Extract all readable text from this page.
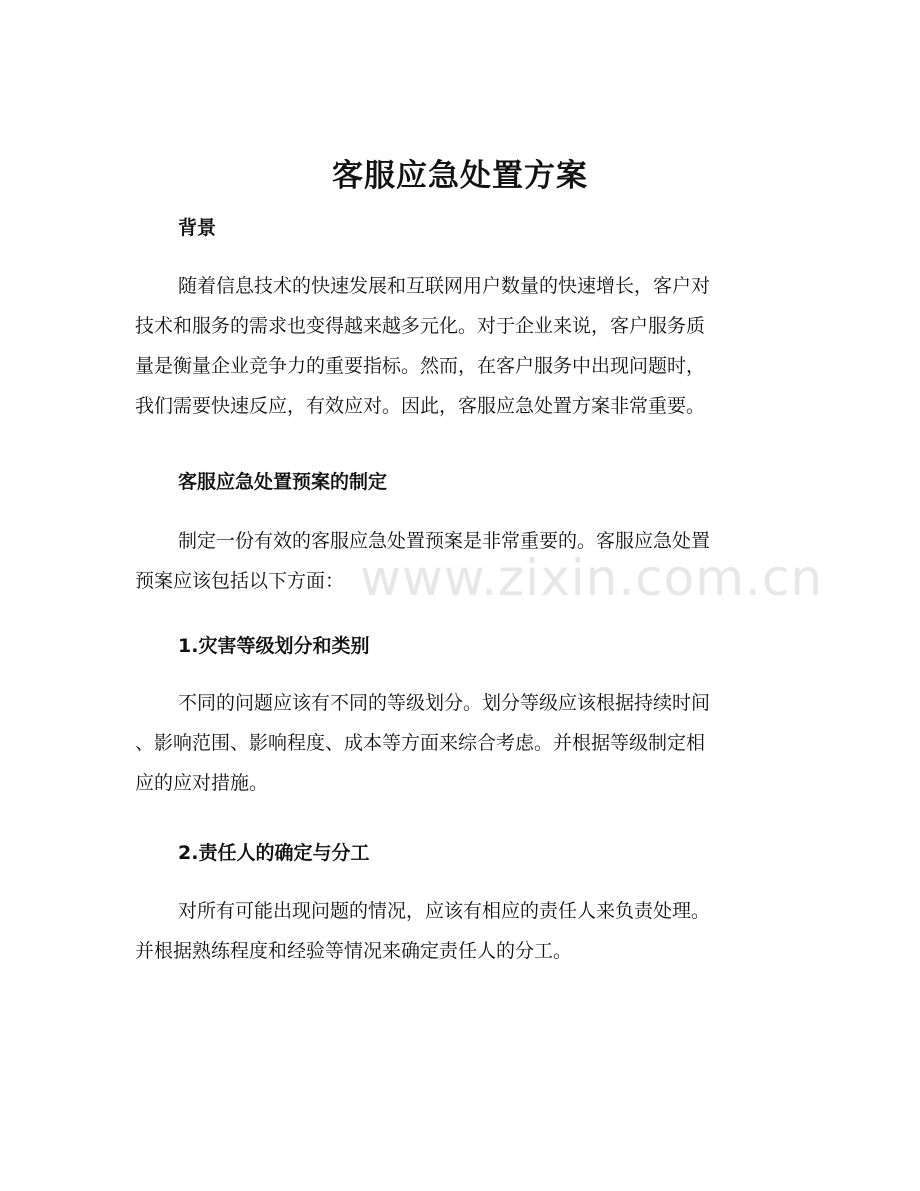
www.zixin.com.cn
客服应急处置方案
背景
随着信息技术的快速发展和互联网用户数量的快速增长，客户对
技术和服务的需求也变得越来越多元化。对于企业来说，客户服务质
量是衡量企业竞争力的重要指标。然而，在客户服务中出现问题时，
我们需要快速反应，有效应对。因此，客服应急处置方案非常重要。
客服应急处置预案的制定
制定一份有效的客服应急处置预案是非常重要的。客服应急处置
预案应该包括以下方面：
1.灾害等级划分和类别
不同的问题应该有不同的等级划分。划分等级应该根据持续时间
、影响范围、影响程度、成本等方面来综合考虑。并根据等级制定相
应的应对措施。
2.责任人的确定与分工
对所有可能出现问题的情况，应该有相应的责任人来负责处理。
并根据熟练程度和经验等情况来确定责任人的分工。
